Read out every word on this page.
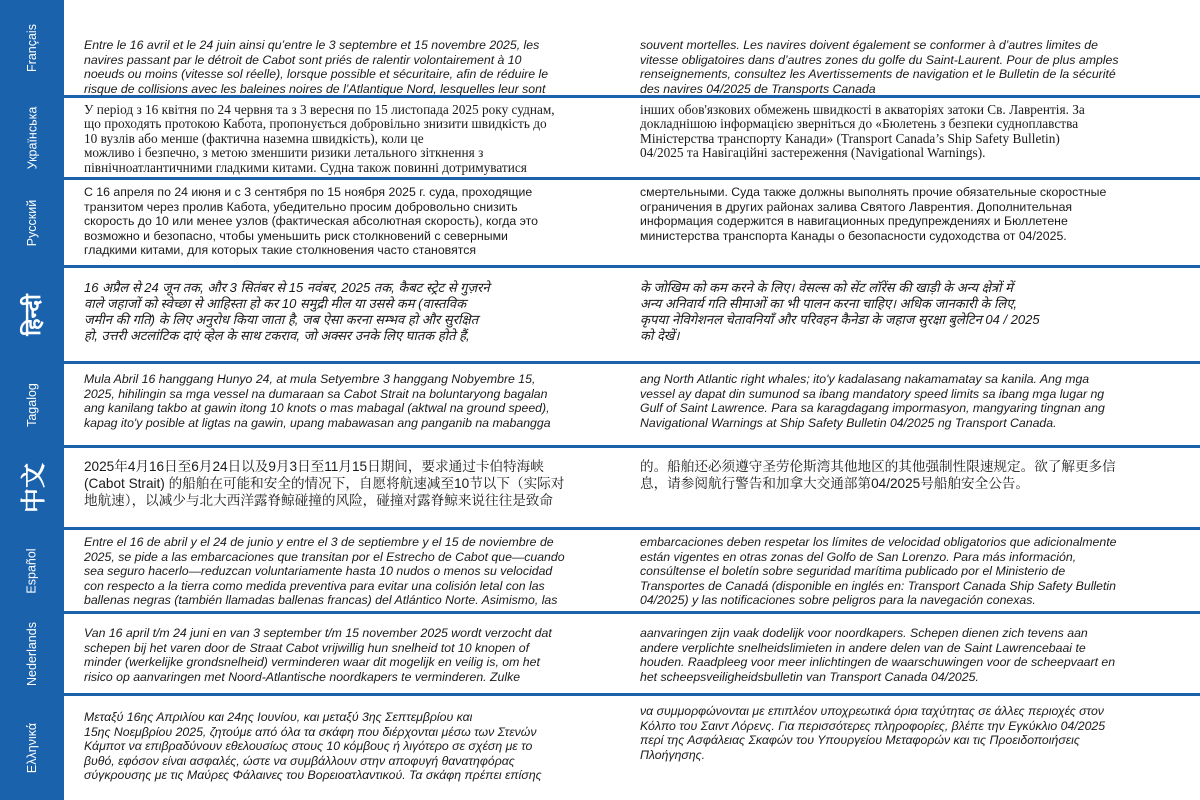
Français	Entre le 16 avril et le 24 juin ainsi qu’entre le 3 septembre et 15 novembre 2025, les
navires passant par le détroit de Cabot sont priés de ralentir volontairement à 10
noeuds ou moins (vitesse sol réelle), lorsque possible et sécuritaire, afin de réduire le
risque de collisions avec les baleines noires de l’Atlantique Nord, lesquelles leur sont

souvent mortelles. Les navires doivent également se conformer à d’autres limites de
vitesse obligatoires dans d’autres zones du golfe du Saint-Laurent. Pour de plus amples
renseignements, consultez les Avertissements de navigation et le Bulletin de la sécurité
des navires 04/2025 de Transports Canada

Українська	У період з 16 квітня по 24 червня та з 3 вересня по 15 листопада 2025 року суднам,
що проходять протокою Кабота, пропонується добровільно знизити швидкість до
10 вузлів або менше (фактична наземна швидкість), коли це
можливо і безпечно, з метою зменшити ризики летального зіткнення з
північноатлантичними гладкими китами. Судна також повинні дотримуватися

інших обов'язкових обмежень швидкості в акваторіях затоки Св. Лаврентія. За
докладнішою інформацією зверніться до «Бюлетень з безпеки судноплавства
Міністерства транспорту Канади» (Transport Canada’s Ship Safety Bulletin)
04/2025 та Навігаційні застереження (Navigational Warnings).

Русский

С 16 апреля по 24 июня и с 3 сентября по 15 ноября 2025 г. суда, проходящие
транзитом через пролив Кабота, убедительно просим добровольно снизить
скорость до 10 или менее узлов (фактическая абсолютная скорость), когда это
возможно и безопасно, чтобы уменьшить риск столкновений с северными
гладкими китами, для которых такие столкновения часто становятся

смертельными. Суда также должны выполнять прочие обязательные скоростные
ограничения в других районах залива Святого Лаврентия. Дополнительная
информация содержится в навигационных предупреждениях и Бюллетене
министерства транспорта Канады о безопасности судоходства от 04/2025.

हिन्दी

16 अप्रैल से 24 जून तक, और 3 सितंबर से 15 नवंबर, 2025 तक, कैबट स्ट्रेट से गुज़रने
वाले जहाजों को स्वेच्छा से आहिस्ता हो कर 10 समुद्री मील या उससे कम (वास्तविक
जमीन की गति) के लिए अनुरोध किया जाता है, जब ऐसा करना सम्भव हो और सुरक्षित
हो, उत्तरी अटलांटिक दाएं व्हेल के साथ टकराव, जो अक्सर उनके लिए घातक होते हैं,

के जोखिम को कम करने के लिए। वेसल्स को सेंट लॉरेंस की खाड़ी के अन्य क्षेत्रों में
अन्य अनिवार्य गति सीमाओं का भी पालन करना चाहिए। अधिक जानकारी के लिए,
कृपया नेविगेशनल चेतावनियाँ और परिवहन कैनेडा के जहाज सुरक्षा बुलेटिन 04 / 2025
को देखें।

Tagalog

Mula Abril 16 hanggang Hunyo 24, at mula Setyembre 3 hanggang Nobyembre 15,
2025, hihilingin sa mga vessel na dumaraan sa Cabot Strait na boluntaryong bagalan
ang kanilang takbo at gawin itong 10 knots o mas mabagal (aktwal na ground speed),
kapag ito'y posible at ligtas na gawin, upang mabawasan ang panganib na mabangga

ang North Atlantic right whales; ito'y kadalasang nakamamatay sa kanila. Ang mga
vessel ay dapat din sumunod sa ibang mandatory speed limits sa ibang mga lugar ng
Gulf of Saint Lawrence. Para sa karagdagang impormasyon, mangyaring tingnan ang
Navigational Warnings at Ship Safety Bulletin 04/2025 ng Transport Canada.

中文	2025年4月16日至6月24日以及9月3日至11月15日期间，要求通过卡伯特海峡
(Cabot Strait) 的船舶在可能和安全的情况下，自愿将航速减至10节以下（实际对
地航速），以减少与北大西洋露脊鲸碰撞的风险，碰撞对露脊鲸来说往往是致命

的。船舶还必须遵守圣劳伦斯湾其他地区的其他强制性限速规定。欲了解更多信
息，请参阅航行警告和加拿大交通部第04/2025号船舶安全公告。

Español

Entre el 16 de abril y el 24 de junio y entre el 3 de septiembre y el 15 de noviembre de
2025, se pide a las embarcaciones que transitan por el Estrecho de Cabot que—cuando
sea seguro hacerlo—reduzcan voluntariamente hasta 10 nudos o menos su velocidad
con respecto a la tierra como medida preventiva para evitar una colisión letal con las
ballenas negras (también llamadas ballenas francas) del Atlántico Norte. Asimismo, las

embarcaciones deben respetar los límites de velocidad obligatorios que adicionalmente
están vigentes en otras zonas del Golfo de San Lorenzo. Para más información,
consúltense el boletín sobre seguridad marítima publicado por el Ministerio de
Transportes de Canadá (disponible en inglés en: Transport Canada Ship Safety Bulletin
04/2025) y las notificaciones sobre peligros para la navegación conexas.

Nederlands	Van 16 april t/m 24 juni en van 3 september t/m 15 november 2025 wordt verzocht dat
schepen bij het varen door de Straat Cabot vrijwillig hun snelheid tot 10 knopen of
minder (werkelijke grondsnelheid) verminderen waar dit mogelijk en veilig is, om het
risico op aanvaringen met Noord-Atlantische noordkapers te verminderen. Zulke

aanvaringen zijn vaak dodelijk voor noordkapers. Schepen dienen zich tevens aan
andere verplichte snelheidslimieten in andere delen van de Saint Lawrencebaai te
houden. Raadpleeg voor meer inlichtingen de waarschuwingen voor de scheepvaart en
het scheepsveiligheidsbulletin van Transport Canada 04/2025.

Ελληνικά

Μεταξύ 16ης Απριλίου και 24ης Ιουνίου, και μεταξύ 3ης Σεπτεμβρίου και
15ης Νοεμβρίου 2025, ζητούμε από όλα τα σκάφη που διέρχονται μέσω των Στενών
Κάμποτ να επιβραδύνουν εθελουσίως στους 10 κόμβους ή λιγότερο σε σχέση με το
βυθό, εφόσον είναι ασφαλές, ώστε να συμβάλλουν στην αποφυγή θανατηφόρας
σύγκρουσης με τις Μαύρες Φάλαινες του Βορειοατλαντικού. Τα σκάφη πρέπει επίσης

να συμμορφώνονται με επιπλέον υποχρεωτικά όρια ταχύτητας σε άλλες περιοχές στον
Κόλπο του Σαιντ Λόρενς. Για περισσότερες πληροφορίες, βλέπε την Εγκύκλιο 04/2025
περί της Ασφάλειας Σκαφών του Υπουργείου Μεταφορών και τις Προειδοποιήσεις
Πλοήγησης.
